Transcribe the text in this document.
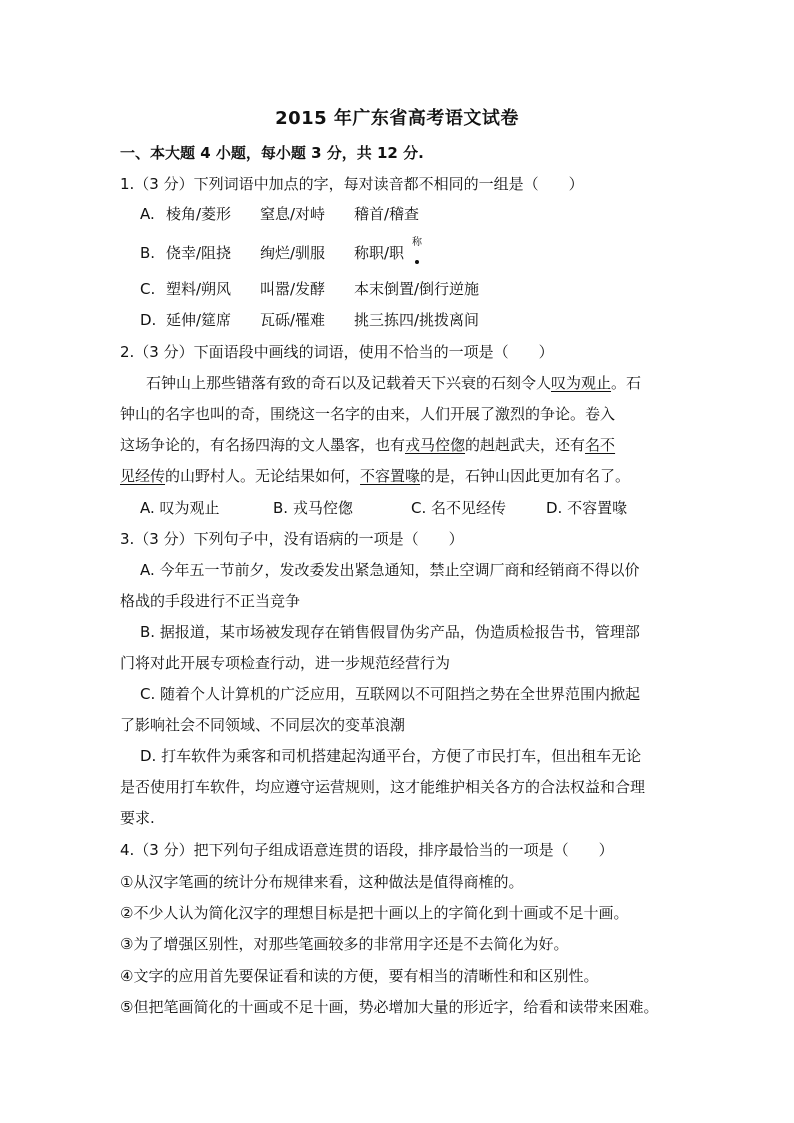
2015 年广东省高考语文试卷
一、本大题 4 小题，每小题 3 分，共 12 分.
1.（3 分）下列词语中加点的字，每对读音都不相同的一组是（　　）
A. 棱角/菱形 窒息/对峙 稽首/稽查
B. 侥幸/阻挠 绚烂/驯服 称职/职
称
C. 塑料/朔风 叫嚣/发酵 本末倒置/倒行逆施
D. 延伸/筵席 瓦砾/罹难 挑三拣四/挑拨离间
2.（3 分）下面语段中画线的词语，使用不恰当的一项是（　　）
石钟山上那些错落有致的奇石以及记载着天下兴衰的石刻令人叹为观止。石
钟山的名字也叫的奇，围绕这一名字的由来，人们开展了激烈的争论。卷入
这场争论的，有名扬四海的文人墨客，也有戎马倥偬的赳赳武夫，还有名不
见经传的山野村人。无论结果如何，不容置喙的是，石钟山因此更加有名了。
A. 叹为观止	B. 戎马倥偬	C. 名不见经传	D. 不容置喙
3.（3 分）下列句子中，没有语病的一项是（　　）
A. 今年五一节前夕，发改委发出紧急通知，禁止空调厂商和经销商不得以价
格战的手段进行不正当竞争
B. 据报道，某市场被发现存在销售假冒伪劣产品，伪造质检报告书，管理部
门将对此开展专项检查行动，进一步规范经营行为
C. 随着个人计算机的广泛应用，互联网以不可阻挡之势在全世界范围内掀起
了影响社会不同领域、不同层次的变革浪潮
D. 打车软件为乘客和司机搭建起沟通平台，方便了市民打车，但出租车无论
是否使用打车软件，均应遵守运营规则，这才能维护相关各方的合法权益和合理
要求.
4.（3 分）把下列句子组成语意连贯的语段，排序最恰当的一项是（　　）
①从汉字笔画的统计分布规律来看，这种做法是值得商榷的。
②不少人认为简化汉字的理想目标是把十画以上的字简化到十画或不足十画。
③为了增强区别性，对那些笔画较多的非常用字还是不去简化为好。
④文字的应用首先要保证看和读的方便，要有相当的清晰性和和区别性。
⑤但把笔画简化的十画或不足十画，势必增加大量的形近字，给看和读带来困难。
